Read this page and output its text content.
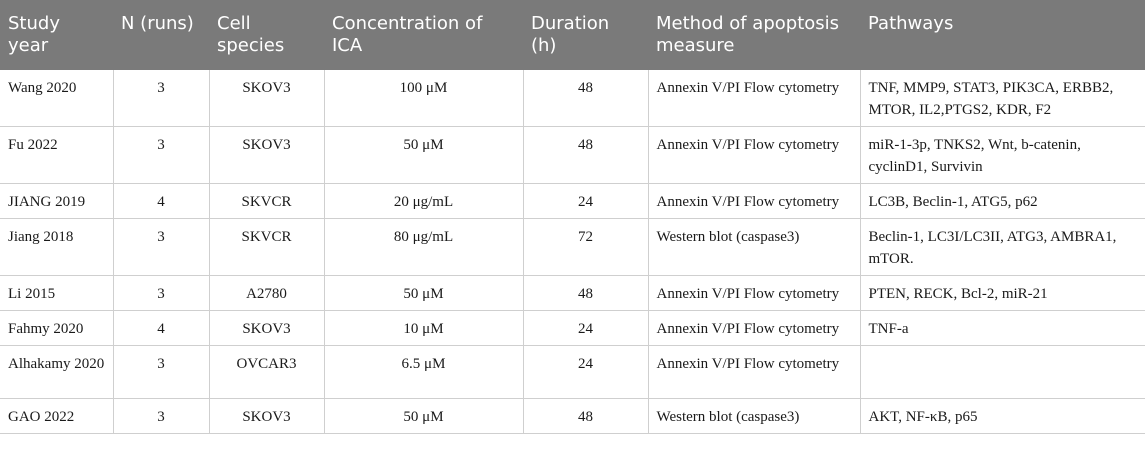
Study year	N (runs)	Cell species	Concentration of ICA	Duration (h)	Method of apoptosis measure	Pathways
Wang 2020	3	SKOV3	100 μM	48	Annexin V/PI Flow cytometry	TNF, MMP9, STAT3, PIK3CA, ERBB2, MTOR, IL2,PTGS2, KDR, F2
Fu 2022	3	SKOV3	50 μM	48	Annexin V/PI Flow cytometry	miR-1-3p, TNKS2, Wnt, b-catenin, cyclinD1, Survivin
JIANG 2019	4	SKVCR	20 μg/mL	24	Annexin V/PI Flow cytometry	LC3B, Beclin-1, ATG5, p62
Jiang 2018	3	SKVCR	80 μg/mL	72	Western blot (caspase3)	Beclin-1, LC3I/LC3II, ATG3, AMBRA1, mTOR.
Li 2015	3	A2780	50 μM	48	Annexin V/PI Flow cytometry	PTEN, RECK, Bcl-2, miR-21
Fahmy 2020	4	SKOV3	10 μM	24	Annexin V/PI Flow cytometry	TNF-a
Alhakamy 2020	3	OVCAR3	6.5 μM	24	Annexin V/PI Flow cytometry	
GAO 2022	3	SKOV3	50 μM	48	Western blot (caspase3)	AKT, NF-κB, p65
